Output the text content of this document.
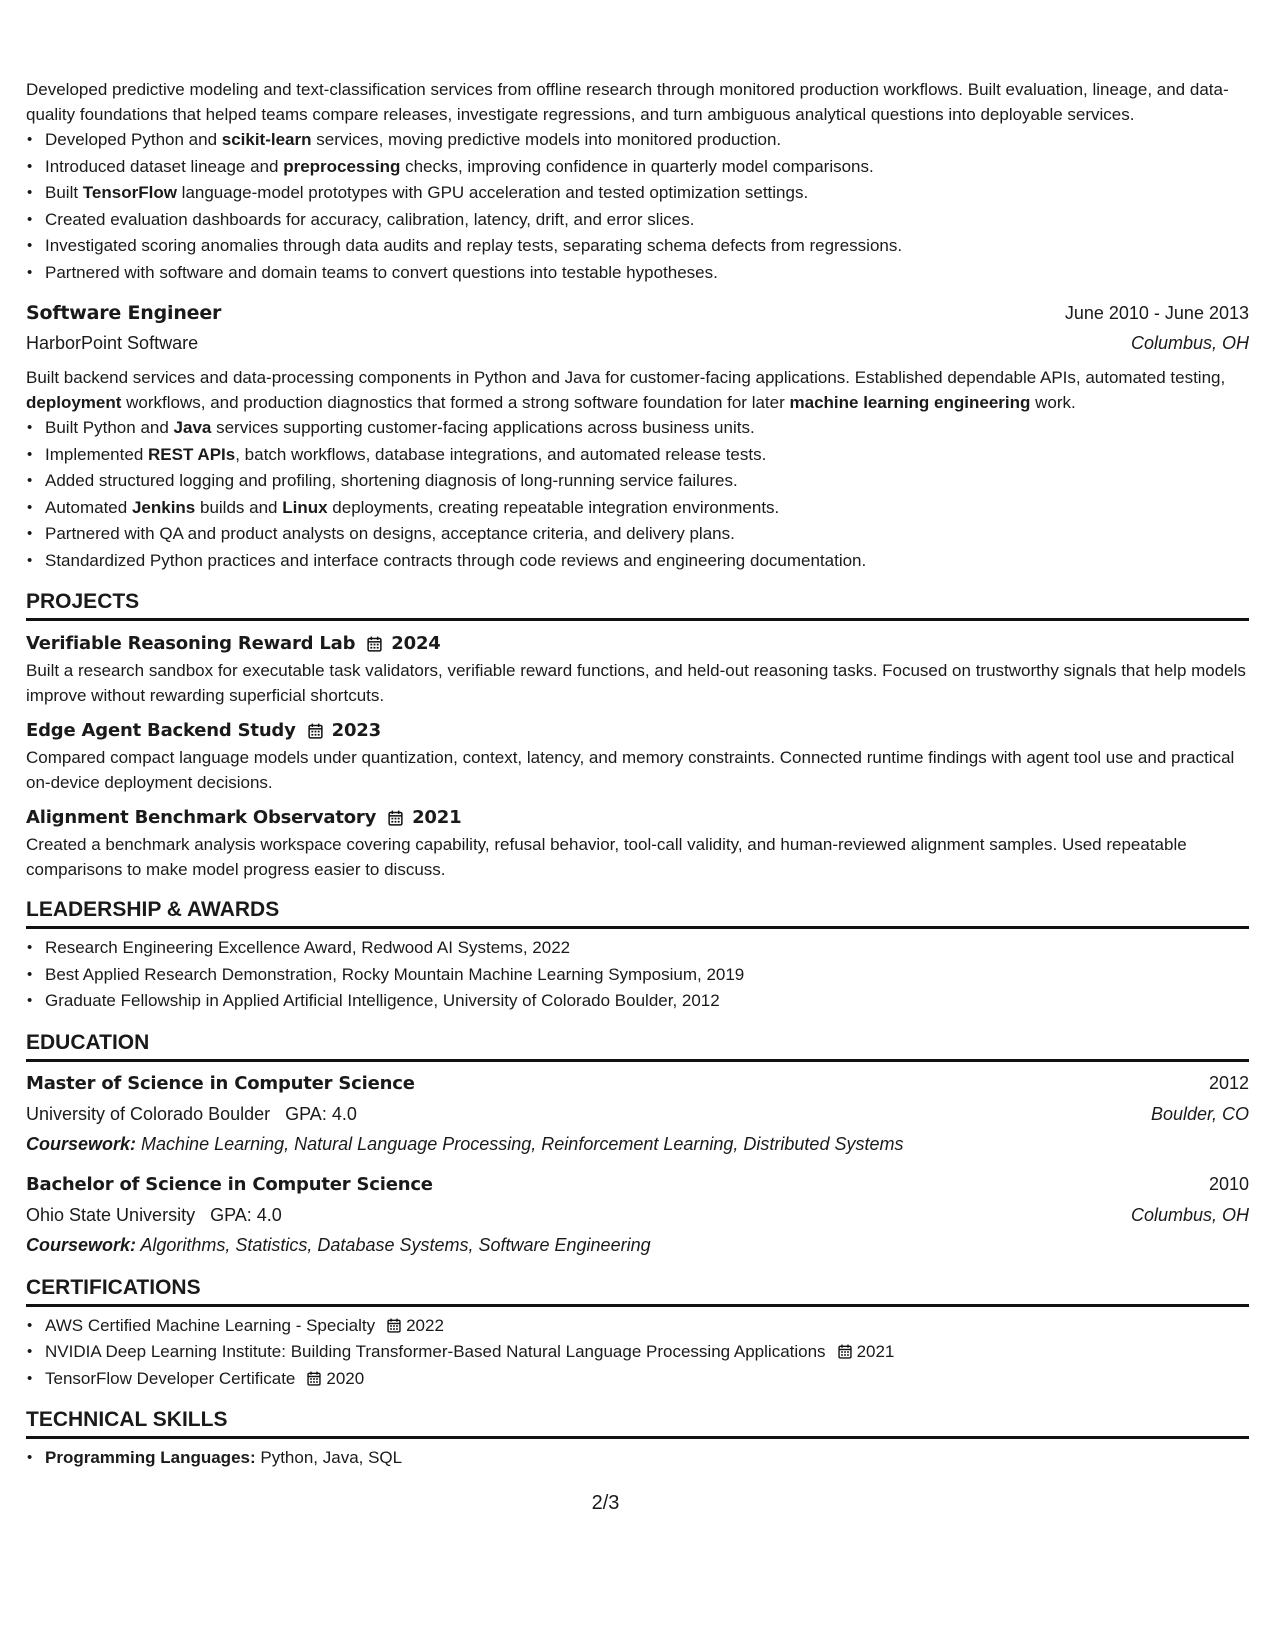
Developed predictive modeling and text-classification services from offline research through monitored production workflows. Built evaluation, lineage, and data-quality foundations that helped teams compare releases, investigate regressions, and turn ambiguous analytical questions into deployable services.

• Developed Python and scikit-learn services, moving predictive models into monitored production.
• Introduced dataset lineage and preprocessing checks, improving confidence in quarterly model comparisons.
• Built TensorFlow language-model prototypes with GPU acceleration and tested optimization settings.
• Created evaluation dashboards for accuracy, calibration, latency, drift, and error slices.
• Investigated scoring anomalies through data audits and replay tests, separating schema defects from regressions.
• Partnered with software and domain teams to convert questions into testable hypotheses.
Software Engineer	June 2010 - June 2013
HarborPoint Software	Columbus, OH

Built backend services and data-processing components in Python and Java for customer-facing applications. Established dependable APIs, automated testing, deployment workflows, and production diagnostics that formed a strong software foundation for later machine learning engineering work.

• Built Python and Java services supporting customer-facing applications across business units.
• Implemented REST APIs, batch workflows, database integrations, and automated release tests.
• Added structured logging and profiling, shortening diagnosis of long-running service failures.
• Automated Jenkins builds and Linux deployments, creating repeatable integration environments.
• Partnered with QA and product analysts on designs, acceptance criteria, and delivery plans.
• Standardized Python practices and interface contracts through code reviews and engineering documentation.
PROJECTS
Verifiable Reasoning Reward Lab 2024

Built a research sandbox for executable task validators, verifiable reward functions, and held-out reasoning tasks. Focused on trustworthy signals that help models improve without rewarding superficial shortcuts.

Edge Agent Backend Study 2023

Compared compact language models under quantization, context, latency, and memory constraints. Connected runtime findings with agent tool use and practical on-device deployment decisions.

Alignment Benchmark Observatory 2021

Created a benchmark analysis workspace covering capability, refusal behavior, tool-call validity, and human-reviewed alignment samples. Used repeatable comparisons to make model progress easier to discuss.

LEADERSHIP & AWARDS
• Research Engineering Excellence Award, Redwood AI Systems, 2022
• Best Applied Research Demonstration, Rocky Mountain Machine Learning Symposium, 2019
• Graduate Fellowship in Applied Artificial Intelligence, University of Colorado Boulder, 2012
EDUCATION
Master of Science in Computer Science	2012
University of Colorado Boulder GPA: 4.0	Boulder, CO
Coursework: Machine Learning, Natural Language Processing, Reinforcement Learning, Distributed Systems
Bachelor of Science in Computer Science	2010
Ohio State University GPA: 4.0	Columbus, OH
Coursework: Algorithms, Statistics, Database Systems, Software Engineering
CERTIFICATIONS
• AWS Certified Machine Learning - Specialty 2022
• NVIDIA Deep Learning Institute: Building Transformer-Based Natural Language Processing Applications 2021
• TensorFlow Developer Certificate 2020
TECHNICAL SKILLS
• Programming Languages: Python, Java, SQL
2/3
